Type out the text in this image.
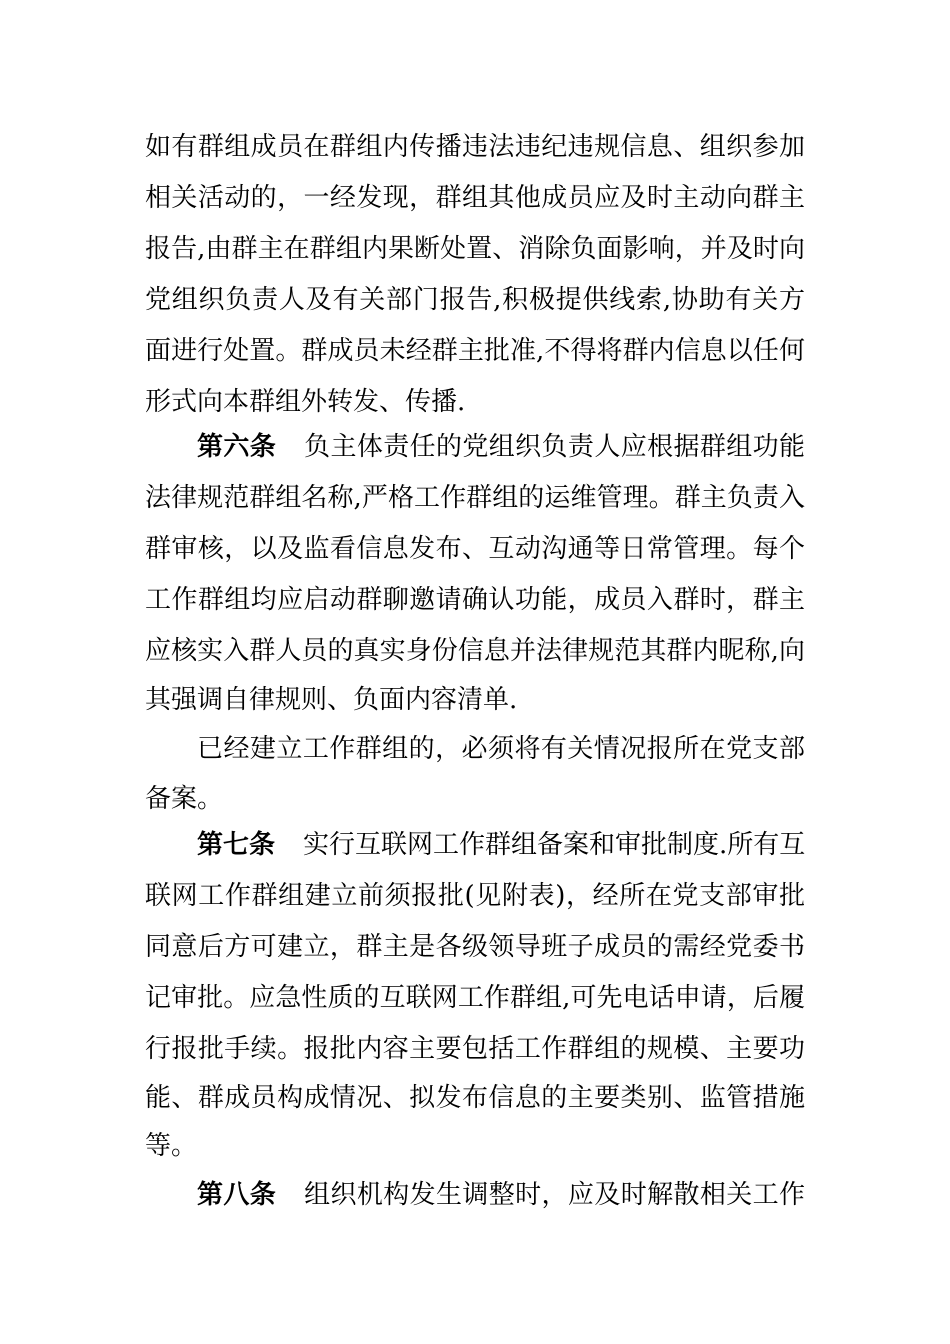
如有群组成员在群组内传播违法违纪违规信息、组织参加
相关活动的，一经发现，群组其他成员应及时主动向群主
报告,由群主在群组内果断处置、消除负面影响，并及时向
党组织负责人及有关部门报告,积极提供线索,协助有关方
面进行处置。群成员未经群主批准,不得将群内信息以任何
形式向本群组外转发、传播.
第六条 负主体责任的党组织负责人应根据群组功能
法律规范群组名称,严格工作群组的运维管理。群主负责入
群审核，以及监看信息发布、互动沟通等日常管理。每个
工作群组均应启动群聊邀请确认功能，成员入群时，群主
应核实入群人员的真实身份信息并法律规范其群内昵称,向
其强调自律规则、负面内容清单.
已经建立工作群组的，必须将有关情况报所在党支部
备案。
第七条 实行互联网工作群组备案和审批制度.所有互
联网工作群组建立前须报批(见附表)，经所在党支部审批
同意后方可建立，群主是各级领导班子成员的需经党委书
记审批。应急性质的互联网工作群组,可先电话申请，后履
行报批手续。报批内容主要包括工作群组的规模、主要功
能、群成员构成情况、拟发布信息的主要类别、监管措施
等。
第八条 组织机构发生调整时，应及时解散相关工作
